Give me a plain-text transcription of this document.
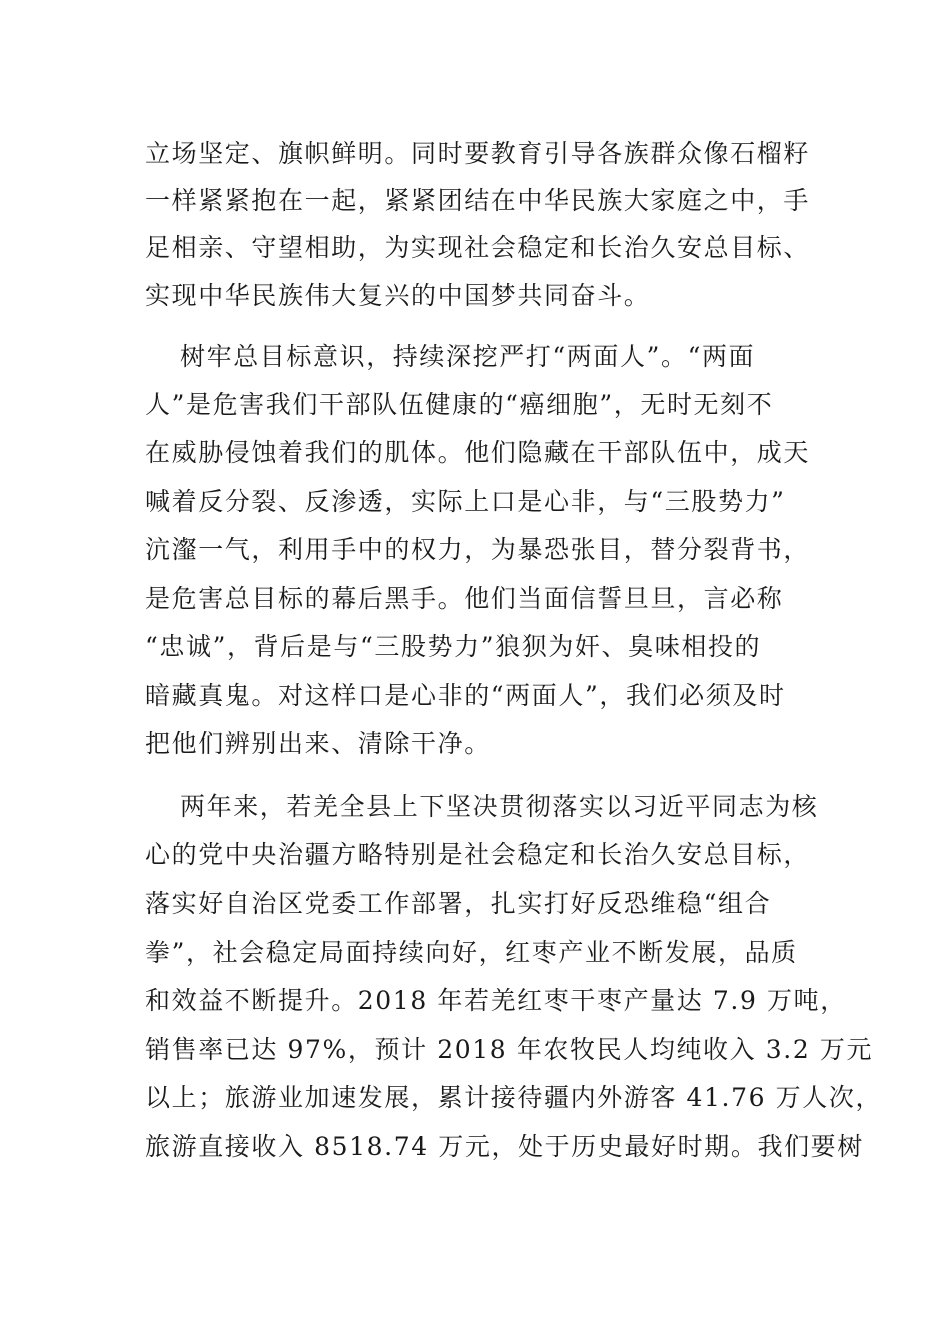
立场坚定、旗帜鲜明。同时要教育引导各族群众像石榴籽
一样紧紧抱在一起，紧紧团结在中华民族大家庭之中，手
足相亲、守望相助，为实现社会稳定和长治久安总目标、
实现中华民族伟大复兴的中国梦共同奋斗。
树牢总目标意识，持续深挖严打“两面人”。“两面
人”是危害我们干部队伍健康的“癌细胞”，无时无刻不
在威胁侵蚀着我们的肌体。他们隐藏在干部队伍中，成天
喊着反分裂、反渗透，实际上口是心非，与“三股势力”
沆瀣一气，利用手中的权力，为暴恐张目，替分裂背书，
是危害总目标的幕后黑手。他们当面信誓旦旦，言必称
“忠诚”，背后是与“三股势力”狼狈为奸、臭味相投的
暗藏真鬼。对这样口是心非的“两面人”，我们必须及时
把他们辨别出来、清除干净。
两年来，若羌全县上下坚决贯彻落实以习近平同志为核
心的党中央治疆方略特别是社会稳定和长治久安总目标，
落实好自治区党委工作部署，扎实打好反恐维稳“组合
拳”，社会稳定局面持续向好，红枣产业不断发展，品质
和效益不断提升。2018 年若羌红枣干枣产量达 7.9 万吨，
销售率已达 97%，预计 2018 年农牧民人均纯收入 3.2 万元
以上；旅游业加速发展，累计接待疆内外游客 41.76 万人次，
旅游直接收入 8518.74 万元，处于历史最好时期。我们要树
